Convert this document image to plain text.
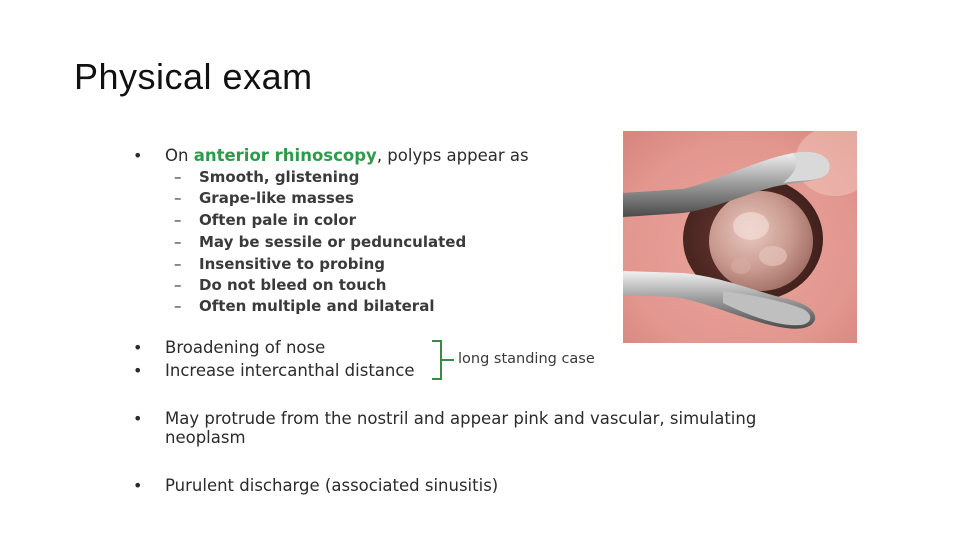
Physical exam
• On anterior rhinoscopy, polyps appear as
– Smooth, glistening
– Grape-like masses
– Often pale in color
– May be sessile or pedunculated
– Insensitive to probing
– Do not bleed on touch
– Often multiple and bilateral
• Broadening of nose
• Increase intercanthal distance
long standing case
• May protrude from the nostril and appear pink and vascular, simulating
neoplasm
• Purulent discharge (associated sinusitis)
